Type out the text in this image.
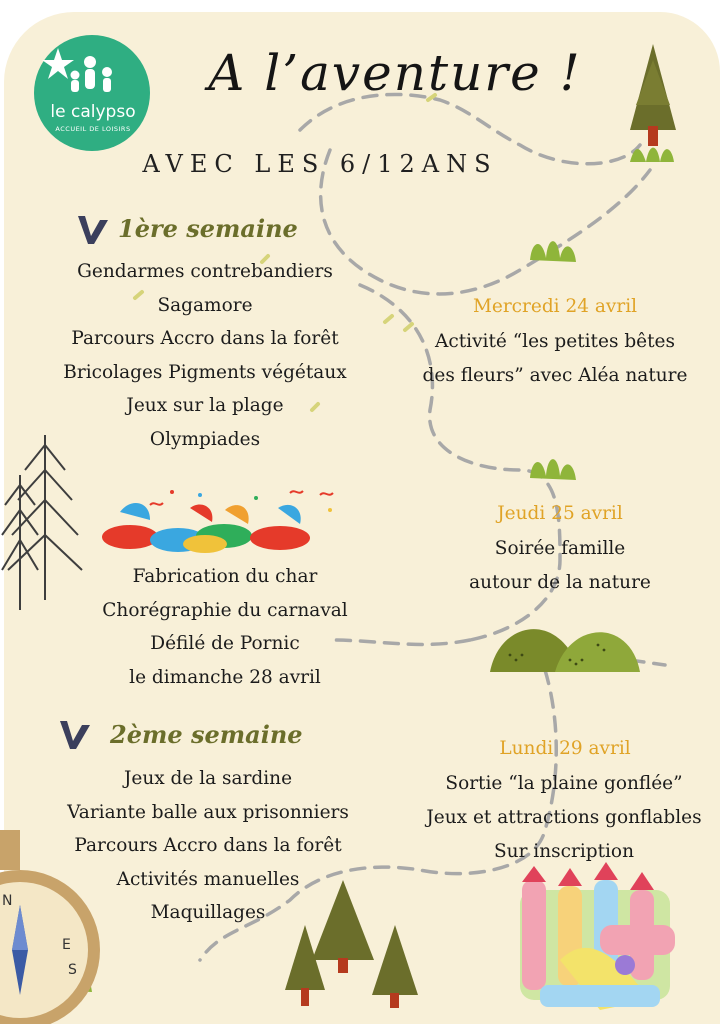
le calypso
ACCUEIL DE LOISIRS
N
E
S
A l’aventure !
AVEC LES 6/12ANS
1ère semaine
Gendarmes contrebandiers
Sagamore
Parcours Accro dans la forêt
Bricolages Pigments végétaux
Jeux sur la plage
Olympiades
Fabrication du char
Chorégraphie du carnaval
Défilé de Pornic
le dimanche 28 avril
2ème semaine
Jeux de la sardine
Variante balle aux prisonniers
Parcours Accro dans la forêt
Activités manuelles
Maquillages
Mercredi 24 avril
Activité “les petites bêtes
des fleurs” avec Aléa nature
Jeudi 25 avril
Soirée famille
autour de la nature
Lundi 29 avril
Sortie “la plaine gonflée”
Jeux et attractions gonflables
Sur inscription
